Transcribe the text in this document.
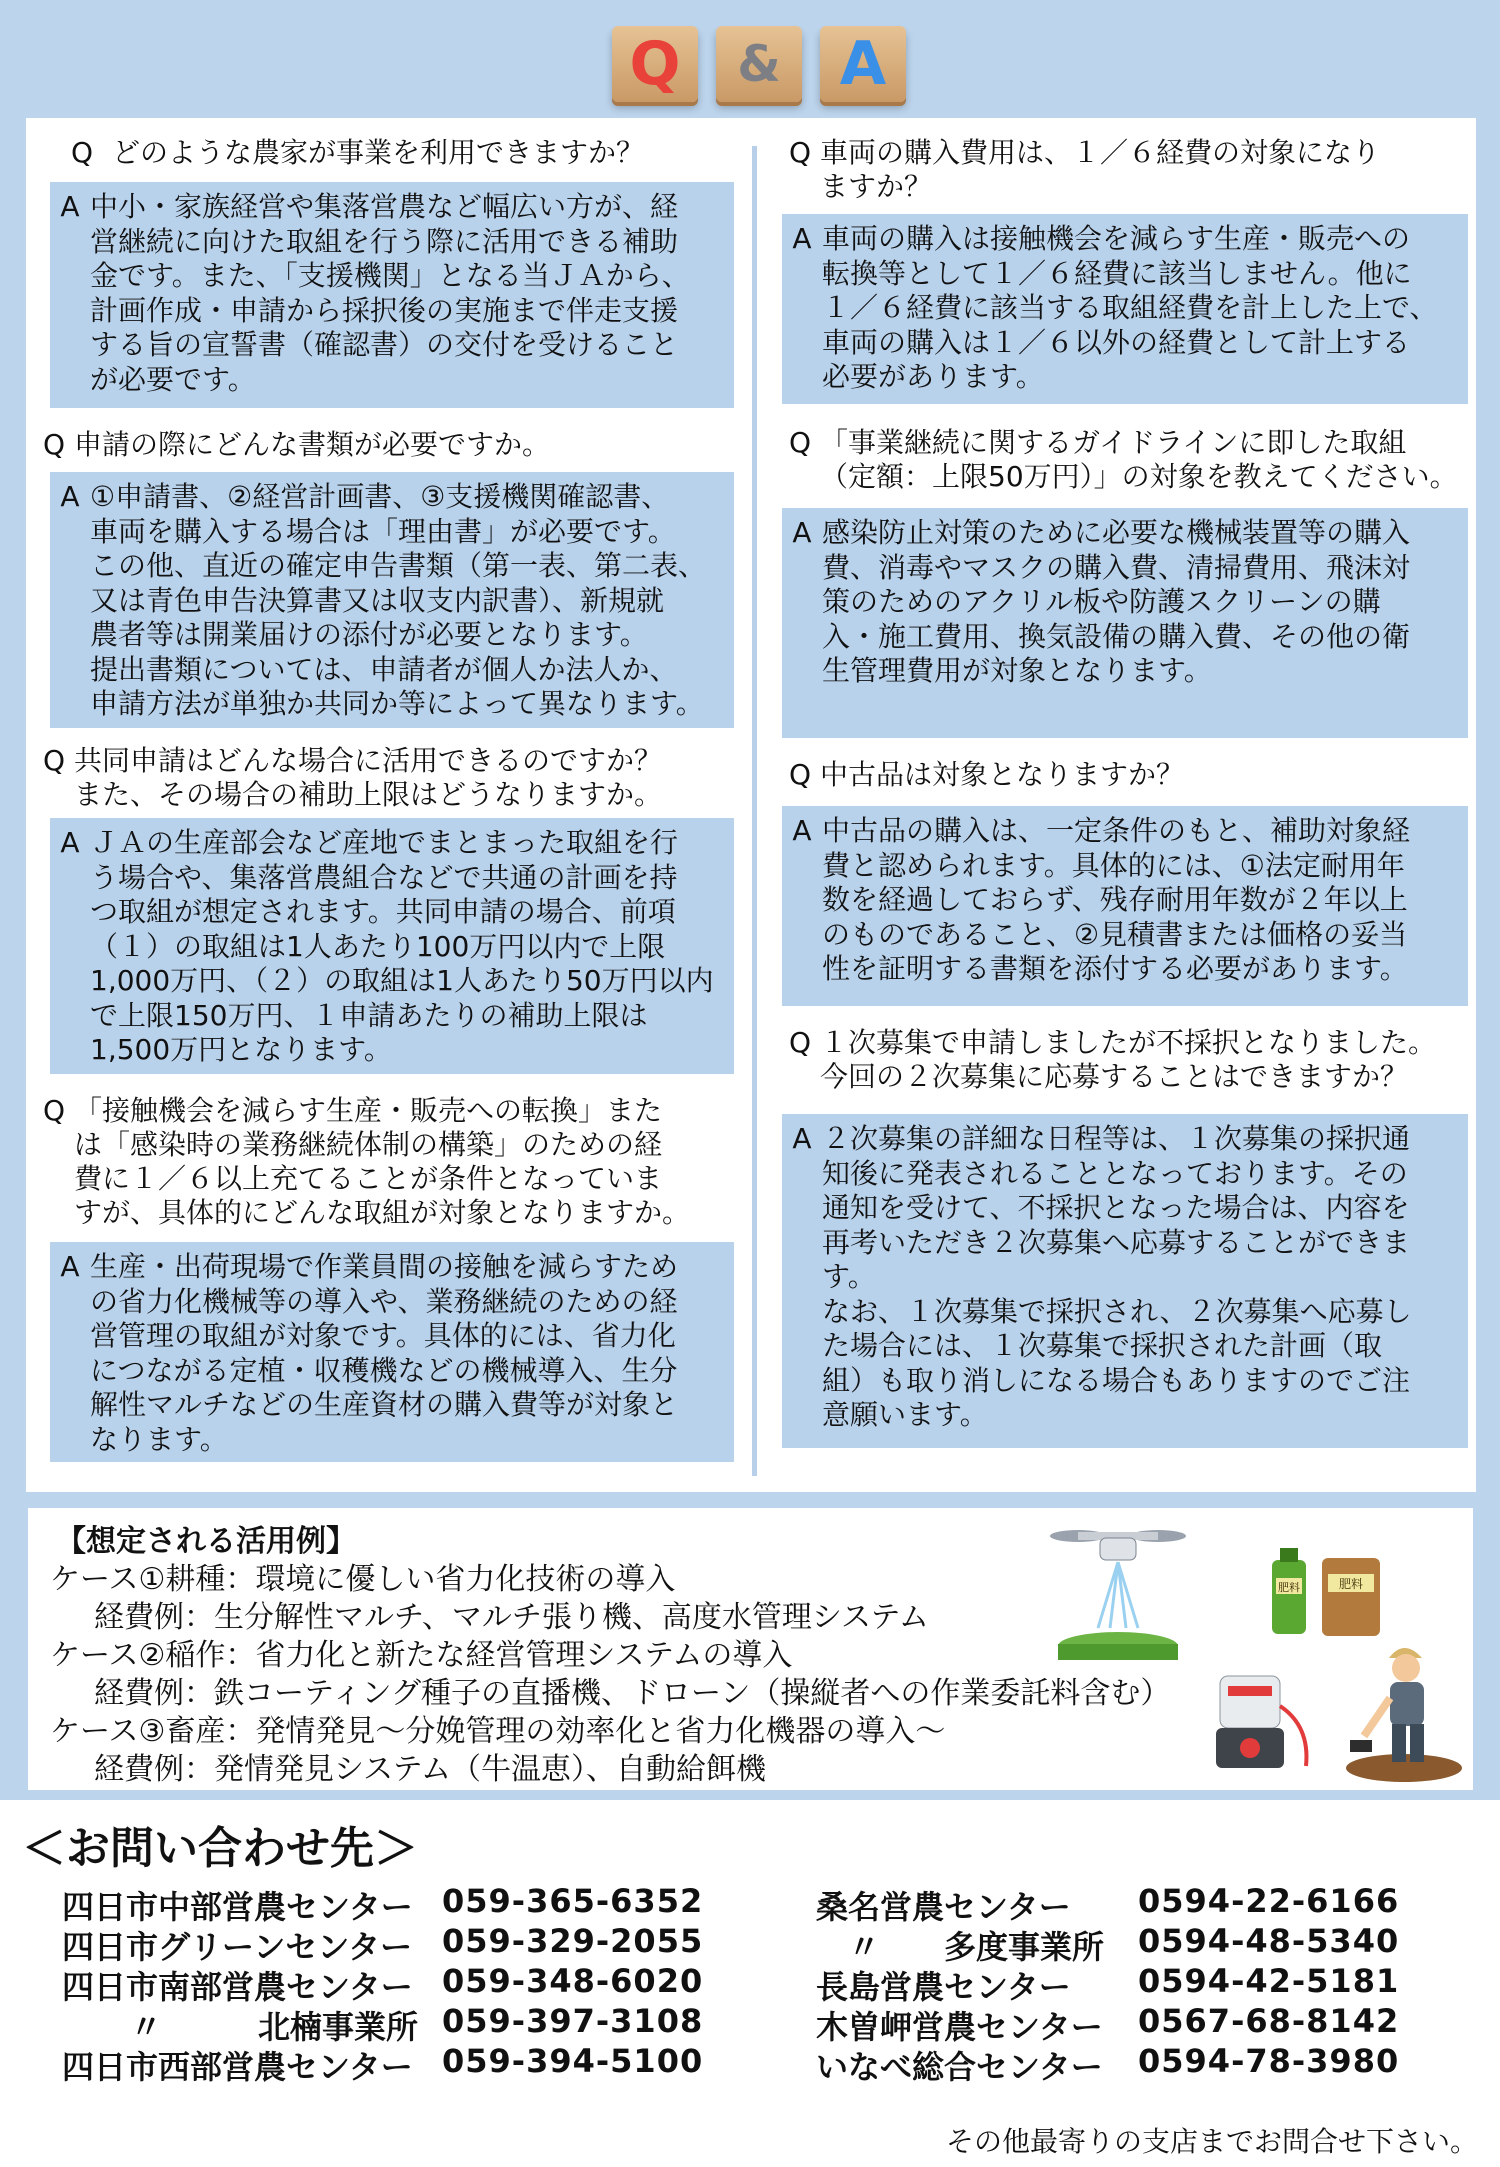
Q	& A
Q どのような農家が事業を利用できますか？
A 中小・家族経営や集落営農など幅広い方が、経
営継続に向けた取組を行う際に活用できる補助
金です。また、「支援機関」となる当ＪＡから、
計画作成・申請から採択後の実施まで伴走支援
する旨の宣誓書（確認書）の交付を受けること
が必要です。
Q 申請の際にどんな書類が必要ですか。
A ①申請書、②経営計画書、③支援機関確認書、
車両を購入する場合は「理由書」が必要です。
この他、直近の確定申告書類（第一表、第二表、
又は青色申告決算書又は収支内訳書）、新規就
農者等は開業届けの添付が必要となります。
提出書類については、申請者が個人か法人か、
申請方法が単独か共同か等によって異なります。
Q 共同申請はどんな場合に活用できるのですか？
また、その場合の補助上限はどうなりますか。
A ＪＡの生産部会など産地でまとまった取組を行
う場合や、集落営農組合などで共通の計画を持
つ取組が想定されます。共同申請の場合、前項
（１）の取組は1人あたり100万円以内で上限
1,000万円、（２）の取組は1人あたり50万円以内
で上限150万円、１申請あたりの補助上限は
1,500万円となります。
Q 「接触機会を減らす生産・販売への転換」また
は「感染時の業務継続体制の構築」のための経
費に１／６以上充てることが条件となっていま
すが、具体的にどんな取組が対象となりますか。
A 生産・出荷現場で作業員間の接触を減らすため
の省力化機械等の導入や、業務継続のための経
営管理の取組が対象です。具体的には、省力化
につながる定植・収穫機などの機械導入、生分
解性マルチなどの生産資材の購入費等が対象と
なります。
Q 車両の購入費用は、１／６経費の対象になり
ますか？
A 車両の購入は接触機会を減らす生産・販売への
転換等として１／６経費に該当しません。他に
１／６経費に該当する取組経費を計上した上で、
車両の購入は１／６以外の経費として計上する
必要があります。
Q 「事業継続に関するガイドラインに即した取組
（定額：上限50万円）」の対象を教えてください。
A 感染防止対策のために必要な機械装置等の購入
費、消毒やマスクの購入費、清掃費用、飛沫対
策のためのアクリル板や防護スクリーンの購
入・施工費用、換気設備の購入費、その他の衛
生管理費用が対象となります。
Q 中古品は対象となりますか？
A 中古品の購入は、一定条件のもと、補助対象経
費と認められます。具体的には、①法定耐用年
数を経過しておらず、残存耐用年数が２年以上
のものであること、②見積書または価格の妥当
性を証明する書類を添付する必要があります。
Q １次募集で申請しましたが不採択となりました。
今回の２次募集に応募することはできますか？
A ２次募集の詳細な日程等は、１次募集の採択通
知後に発表されることとなっております。その
通知を受けて、不採択となった場合は、内容を
再考いただき２次募集へ応募することができま
す。
なお、１次募集で採択され、２次募集へ応募し
た場合には、１次募集で採択された計画（取
組）も取り消しになる場合もありますのでご注
意願います。
【想定される活用例】
ケース①耕種：環境に優しい省力化技術の導入
経費例：生分解性マルチ、マルチ張り機、高度水管理システム
ケース②稲作：省力化と新たな経営管理システムの導入
経費例：鉄コーティング種子の直播機、ドローン（操縦者への作業委託料含む）
ケース③畜産：発情発見～分娩管理の効率化と省力化機器の導入～
経費例：発情発見システム（牛温恵）、自動給餌機
肥料	肥料
＜お問い合わせ先＞
四日市中部営農センター 059-365-6352
四日市グリーンセンター 059-329-2055
四日市南部営農センター 059-348-6020
〃　　　北楠事業所 059-397-3108
四日市西部営農センター 059-394-5100
桑名営農センター 0594-22-6166
　〃　　多度事業所 0594-48-5340
長島営農センター 0594-42-5181
木曽岬営農センター 0567-68-8142
いなべ総合センター 0594-78-3980
その他最寄りの支店までお問合せ下さい。
